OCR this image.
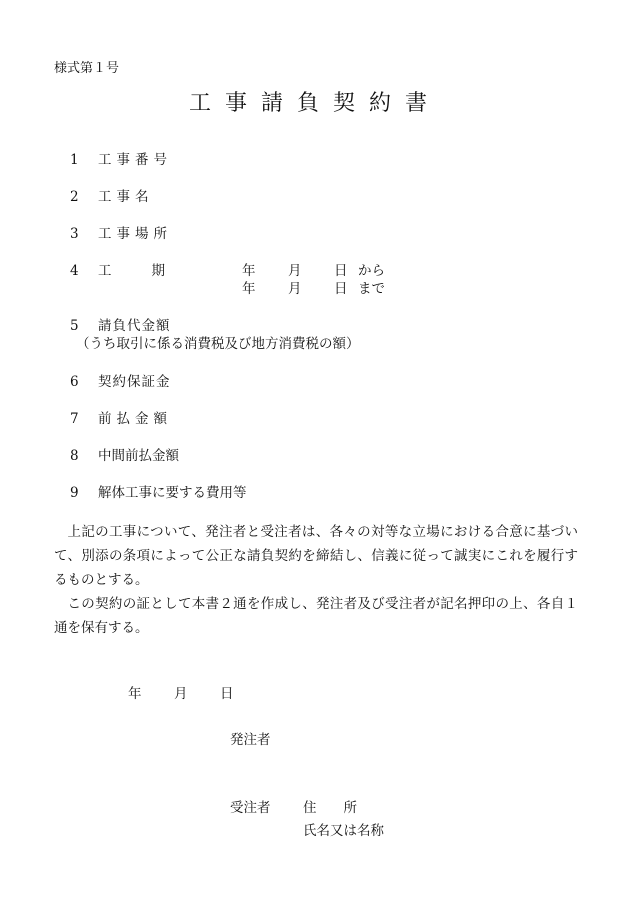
様式第１号
工事請負契約書
1 工事番号
2 工事名
3 工事場所
4 工期	年 月 日 から
年 月 日 まで
5 請負代金額
（うち取引に係る消費税及び地方消費税の額）
6 契約保証金
7 前払金額
8 中間前払金額
9 解体工事に要する費用等

上記の工事について、発注者と受注者は、各々の対等な立場における合意に基づいて、別添の条項によって公正な請負契約を締結し、信義に従って誠実にこれを履行するものとする。

この契約の証として本書２通を作成し、発注者及び受注者が記名押印の上、各自１通を保有する。

年 月 日
発注者
受注者 住　　所
氏名又は名称
